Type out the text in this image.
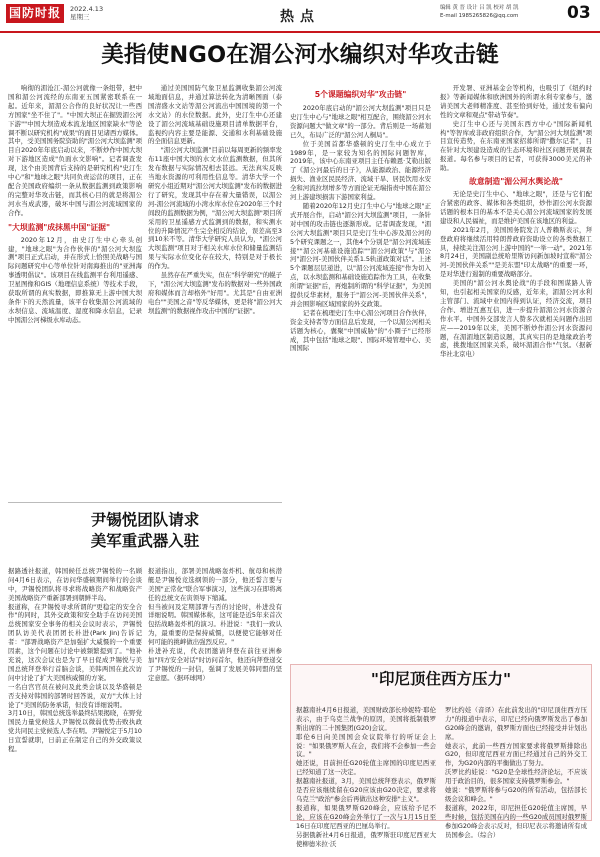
国防时报	2022.4.13
星期三	热点
编辑 黄 晋 设计 吕 凯 校对 胡 凯
E-mail 1985265826@qq.com	03
美指使NGO在湄公河水编织对华攻击链

响彻的湄沧江-湄公河就像一条纽带，把中国和湄公河流经的东南亚五国紧密联系在一起。近年来，湄湄公合作的良好状况让一些西方国家"坐不住了"。"中国大坝正在掘毁湄公河下游""中国大坝造成本流龙地区国家缺水"等论调不断以研究机构"成果"的面目见诸西方媒体。其中，受美国国务院资助的"湄公河大坝监测"项目自2020年年底启动以来，不断炒作中国大坝对下游地区造成"负面水文影响"。记者调查发现，这个由美国背后支持的是研究机构"史汀生中心"和"地球之眼"共同负责运营的项目，正在配合美国政府编织一条从数据监测到政策影响的完整对华攻击链，而其核心目的就是将湄公河水当成武器，破坏中国与湄公河流域国家的合作。

"大坝监测"成抹黑中国"证据"

2020年12月，由史汀生中心牵头创建，"地球之眼"为合作伙伴的"湄公河大坝监测"项目正式启动，并在形式上恰照美战略与国际问题研究中心等单位针对南海推出的"亚洲海事透明倡议"。该项目在线监测平台利用遥感、卫星图像和GIS（地理信息系统）等技术手段，获取所谓的真实数据，即推算无上游中国大坝条件下的天然流量，该平台收集湄公河流域的水坝信息、流域温度、湿度和降水信息，记录中国湄公河梯级水库动态。

通过美国国防气象卫星监测收集湄公河流域地面信息，并通过算法转化为清晰图面（泰国清盛水文站等湄公河流出中国国境的第一个水文站）的水位数据。此外，史汀生中心还建设了湄公河流域基础设施项目清单数据平台，监视约内容主要是能源、交通和水利基础设施的全面信息更新。

"湄公河大坝监测"目前以每周更新的频率发布11座中国大坝的水文水位监测数据，但其所发布数据与实际情况相去甚远。无法真实反映当地水资源的可利用性信息等。清华大学一个研究小组近期对"湄公河大坝监测"发布的数据进行了研究，发现其中存在着大量错误，以湄公河-湄公河流域的小湾水库水位在2020年三个时间段的监测数据为例，"湄公河大坝监测"项目所采用的卫星遥感方式监测到的数据，和实测水位的升降情况产生完全相反的结论，误差高至3到10米不等。清华大学研究人员认为，"湄公河大坝监测"项目对于相关水库水位和储量监测结果与实际水位变化存在较大，特别是对于极长的作为。

虽然存在严重失实，但在"科学研究"的幌子下，"湄公河大坝监测"发布的数据对一些外国政府和媒体而言却格外"好用"。尤其是"自由亚洲电台""美国之音"等反华媒体，更是将"湄公河大坝监测"的数据视作攻击中国的"证据"。

5个课题编织对华"攻击链"

2020年底启动的"湄公河大坝监测"项目只是史汀生中心与"地球之眼"相互配合，围绕湄公河水资源问题大"做文章"的一部分。背后则是一场蓄划已久，布局广泛的"湄公河人桐局"。

位于美国首都华盛顿的史汀生中心成立于1989年，是一家较为知名的国际问题智库，2019年，该中心东南亚项目主任布赖恩·艾勒出版了《湄公河最后的日子》，从能源政治、能源经济损失、渔业区民民经济、流域干旱、居民饮用水安全和河流拉坝增多等方面论证无端指责中国在湄公河上游建坝损害下游国家利益。

随着2020年12月史汀生中心与"地球之眼"正式开展合作，启动"湄公河大坝监测"项目，一条针对中国的攻击链也逐渐形成。记者调查发现，"湄公河大坝监测"项目只是史汀生中心涉及湄公河的5个研究课题之一，其他4个分别是"湄公河流域连接""湄公河基础设施追踪""湄公河政策"与"湄公河"湄公河-美国伙伴关系1.5轨道政策对话"。上述5个课题层层递进，以"湄公河流域连接"作为切入点，以水坝监测和基础设施追踪作为工具，在收集所谓"证据"后，再炮制所谓的"科学证据"，为美国提供反华素材，服务于"湄公河-美国伙伴关系"，并会围影响区域国家的外交政策。

记者在梳理史汀生中心湄公河项目合作伙伴，资金支持者等方面信息后发现，一个以湄公河相关话题为核心，囊聚"中国威胁"的"小圈子"已经形成，其中包括"地球之眼"、国际环境管理中心、美国国际

开发署、亚洲基金会等机构，也吸引了《纽约时报》等新闻媒体和欧洲国外的所谓水利专家参与，邀请美国大老师精准度、甚至恰到好处，通过发布偏向性的文章和观点"带动节奏"。

史汀生中心还与美国东西方中心"国际新闻机构"等智库或非政府组织合作，为"湄公河大坝监测"项目宣传造势，在东南亚国家招募所谓"撒尔记者"，目在针对大坝建设造成的生态环境和社区问题开展调查报道。每名参与项目的记者，可获得3000美元的补助。

故意制造"湄公河水舆论战"

无论是史汀生中心、"地球之眼"，还是与它们配合紧密的政客、媒体和各类组织，炒作湄公河水资源话题的根本目的基本不是关心湄公河流域国家的发展建设和人民福祉，而是维护美国在该地区的利益。

2021年2月，美国国务院发言人普赖斯表示，拜登政府将继续活用特朗普政府资助设立的各类数据工具，持续关注湄公河上游中国的"一举一动"。2021年8月24日，美国副总统哈里斯访问新加坡时宣称"湄公河-美国伙伴关系""是美东盟"印太战略"的重要一环，是对华进行遏制的重要战略部分。

美国的"湄公河水舆论战"的手段和图谋路人皆知，也引起相关国家的反感，近年来，湄湄公河水利主管部门、流域中业国内得到认证，经济交流，项目合作、增进互惠互信，进一步提升湄湄公河水资源合作水平。中国外交部发言人赞多次就相关问题作出回应——2019年以来，美国不断炒作湄公河水资源问题，在湄湄地区制造议题，其真实目的是地缘政治考虑，挑拨地区国家关系，破坏湄湄合作"气氛。（据新华社北京电）

尹锡悦团队请求
美军重武器入驻

据路透社报道，韩国候任总统尹锡悦的一名顾问4月6日表示，在访问华盛顿期间举行的会谈中，尹锡悦团队将寻求将战略资产和战略资产美国战略资产重新部署到朝鲜半岛。
报道称，在尹锡悦寻求所谓的"更稳定的安全合作"的同时，其外交政策和安全助手在访问美国总统国家安全事务的相关会议时表示，尹锡悦团队访美代表团团长朴进(Park Jin)告诉记者："部署战略资产是加强扩大威慑的一个重要因素，这个问题在讨论中被频繁提到了。"他补充说，这次会议也是为了早日促成尹锡悦与美国总统拜登举行首脑会谈，美韩两国在此次访问中讨论了扩大美国核威慑的方案。
一名白宫官员在被问及此类会谈以及华盛顿是否支持对韩国的部署时回答说，双方"大体上讨论了"美国的防务承诺，但没有详细说明。
3月10日，韩国总统选举最终结果揭晓，在野党国民力量党候选人尹锡悦以微弱优势击败执政党共同民主党候选人李在明。尹锡悦定于5月10日宣誓就职，日前正在制定自己的外交政策议程。

报道指出，部署美国战略轰炸机、航母和核潜艇是尹锡悦竞选纲领的一部分，他还誓言要与美国"正常化"联合军事演习，这些演习在即将离任的总统文在寅领导下缩减。
但当被问及定期部署与否的讨论时，朴进没有详细说明。韩国媒体称，这可能是近5年来首次包括战略轰炸机的演习。朴进说："我们一致认为，最重要的是保持威慑，以便使它能够对任何可能的挑衅做出强烈反应。"
朴进补充说，代表团邀请拜登在前往亚洲参加"四方安全对话"时访问首尔，他还向拜登递交了尹锡悦的一封信，强调了发展美韩同盟的坚定意愿。（据环球网）	"印尼顶住西方压力"

据越南社4月6日报道，美国财政部长珍妮特·耶伦表示，由于乌克兰战争的原因，美国将抵制俄罗斯出席的二十国集团(G20)会议。
耶伦6日向美国国会众议院举行的听证会上说："如果俄罗斯人在会，我们将不会参加一些会议。"
她还说，目前担任G20轮值主席国的印度尼西亚已经知道了这一决定。
据越南社报道，3月，美国总统拜登表示，俄罗斯是否应该继续留在G20应该由G20决定，要求将乌克兰"政治"参会后再做出这种安排"主义"。
报道称，如果俄罗斯G20峰会，应该给予尼不论，应该在G20峰会外举行了一次与1月15日至16日在印度尼西亚的巴厘岛举行。
另据俄新社4月6日报道，俄罗斯驻印度尼西亚大使柳德米拉·沃

罗比约娃（音译）在此前发出的"印尼顶住西方压力"的报道中表示，印尼已经向俄罗斯发出了参加G20峰会的邀请，俄罗斯方面也已经接受并计划出席。
她表示，此前一些西方国家要求将俄罗斯排除出G20，但印度尼西亚方面已经通过自己的外交工作，为G20内部的平衡做出了努力。
沃罗比约娃说："G20是全球性经济论坛，不应该用于政治目的，很多国家支持俄罗斯参会。"
她说："俄罗斯将参与G20的所有活动，包括部长级会议和峰会。"
报道称，2022年，印尼担任G20轮值主席国，早些时候，包括美国在内的一些G20成员国对俄罗斯参加G20峰会表示反对，但印尼表示将邀请所有成员国参会。（综合）
